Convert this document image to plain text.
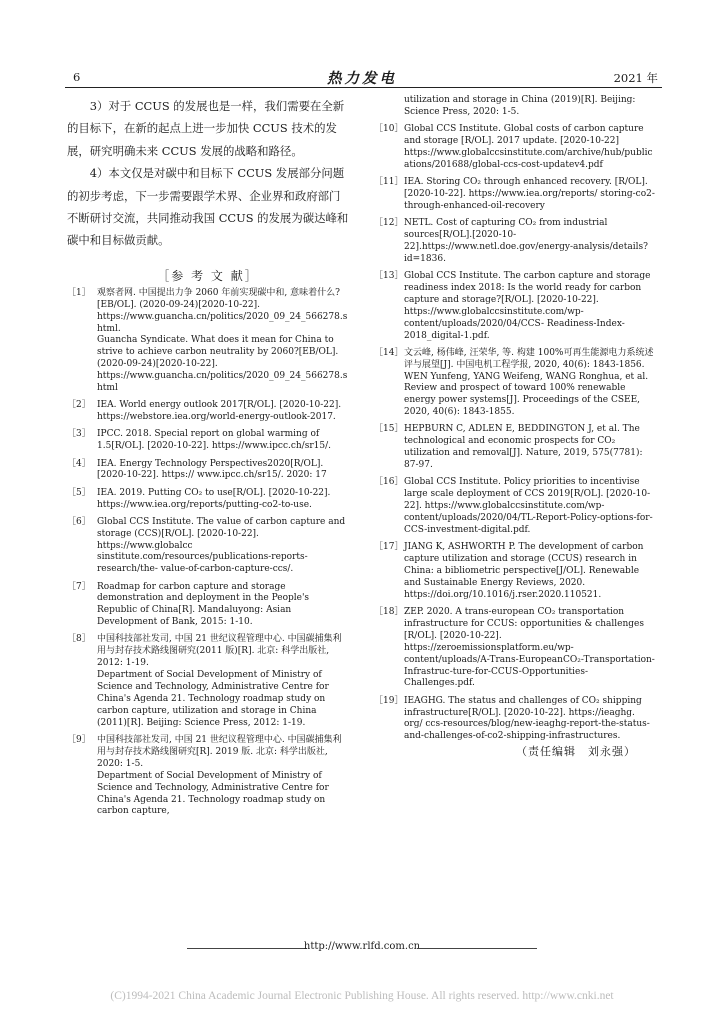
6	热力发电	2021 年

3）对于 CCUS 的发展也是一样，我们需要在全新的目标下，在新的起点上进一步加快 CCUS 技术的发展，研究明确未来 CCUS 发展的战略和路径。

4）本文仅是对碳中和目标下 CCUS 发展部分问题的初步考虑，下一步需要跟学术界、企业界和政府部门不断研讨交流，共同推动我国 CCUS 的发展为碳达峰和碳中和目标做贡献。

［参 考 文 献］
［1］ 观察者网. 中国提出力争 2060 年前实现碳中和, 意味着什么?[EB/OL]. (2020-09-24)[2020-10-22]. https://www.guancha.cn/politics/2020_09_24_566278.shtml.

Guancha Syndicate. What does it mean for China to strive to achieve carbon neutrality by 2060?[EB/OL]. (2020-09-24)[2020-10-22]. https://www.guancha.cn/politics/2020_09_24_566278.shtml

［2］ IEA. World energy outlook 2017[R/OL]. [2020-10-22]. https://webstore.iea.org/world-energy-outlook-2017.

［3］ IPCC. 2018. Special report on global warming of 1.5[R/OL]. [2020-10-22]. https://www.ipcc.ch/sr15/.

［4］ IEA. Energy Technology Perspectives2020[R/OL]. [2020-10-22]. https:// www.ipcc.ch/sr15/. 2020: 17

［5］ IEA. 2019. Putting CO₂ to use[R/OL]. [2020-10-22]. https://www.iea.org/reports/putting-co2-to-use.

［6］ Global CCS Institute. The value of carbon capture and storage (CCS)[R/OL]. [2020-10-22]. https://www.globalcc sinstitute.com/resources/publications-reports-research/the- value-of-carbon-capture-ccs/.

［7］ Roadmap for carbon capture and storage demonstration and deployment in the People's Republic of China[R]. Mandaluyong: Asian Development of Bank, 2015: 1-10.

［8］ 中国科技部社发司, 中国 21 世纪议程管理中心. 中国碳捕集利用与封存技术路线图研究(2011 版)[R]. 北京: 科学出版社, 2012: 1-19.

Department of Social Development of Ministry of Science and Technology, Administrative Centre for China's Agenda 21. Technology roadmap study on carbon capture, utilization and storage in China (2011)[R]. Beijing: Science Press, 2012: 1-19.

［9］ 中国科技部社发司, 中国 21 世纪议程管理中心. 中国碳捕集利用与封存技术路线图研究[R]. 2019 版. 北京: 科学出版社, 2020: 1-5.

Department of Social Development of Ministry of Science and Technology, Administrative Centre for China's Agenda 21. Technology roadmap study on carbon capture,

utilization and storage in China (2019)[R]. Beijing: Science Press, 2020: 1-5.
［10］ Global CCS Institute. Global costs of carbon capture and storage [R/OL]. 2017 update. [2020-10-22] https://www.globalccsinstitute.com/archive/hub/publications/201688/global-ccs-cost-updatev4.pdf

［11］ IEA. Storing CO₂ through enhanced recovery. [R/OL]. [2020-10-22]. https://www.iea.org/reports/ storing-co2-through-enhanced-oil-recovery

［12］ NETL. Cost of capturing CO₂ from industrial sources[R/OL].[2020-10-22].https://www.netl.doe.gov/energy-analysis/details?id=1836.

［13］ Global CCS Institute. The carbon capture and storage readiness index 2018: Is the world ready for carbon capture and storage?[R/OL]. [2020-10-22]. https://www.globalccsinstitute.com/wp-content/uploads/2020/04/CCS- Readiness-Index-2018_digital-1.pdf.

［14］ 文云峰, 杨伟峰, 汪荣华, 等. 构建 100%可再生能源电力系统述评与展望[J]. 中国电机工程学报, 2020, 40(6): 1843-1856.

WEN Yunfeng, YANG Weifeng, WANG Ronghua, et al. Review and prospect of toward 100% renewable energy power systems[J]. Proceedings of the CSEE, 2020, 40(6): 1843-1855.

［15］ HEPBURN C, ADLEN E, BEDDINGTON J, et al. The technological and economic prospects for CO₂ utilization and removal[J]. Nature, 2019, 575(7781): 87-97.

［16］ Global CCS Institute. Policy priorities to incentivise large scale deployment of CCS 2019[R/OL]. [2020-10-22]. https://www.globalccsinstitute.com/wp-content/uploads/2020/04/TL-Report-Policy-options-for-CCS-investment-digital.pdf.

［17］ JIANG K, ASHWORTH P. The development of carbon capture utilization and storage (CCUS) research in China: a bibliometric perspective[J/OL]. Renewable and Sustainable Energy Reviews, 2020. https://doi.org/10.1016/j.rser.2020.110521.

［18］ ZEP. 2020. A trans-european CO₂ transportation infrastructure for CCUS: opportunities & challenges [R/OL]. [2020-10-22]. https://zeroemissionsplatform.eu/wp-content/uploads/A-Trans-EuropeanCO₂-Transportation-Infrastruc-ture-for-CCUS-Opportunities-Challenges.pdf.

［19］ IEAGHG. The status and challenges of CO₂ shipping infrastructure[R/OL]. [2020-10-22]. https://ieaghg. org/ ccs-resources/blog/new-ieaghg-report-the-status-and-challenges-of-co2-shipping-infrastructures.

（责任编辑　刘永强）
http://www.rlfd.com.cn
(C)1994-2021 China Academic Journal Electronic Publishing House. All rights reserved. http://www.cnki.net
